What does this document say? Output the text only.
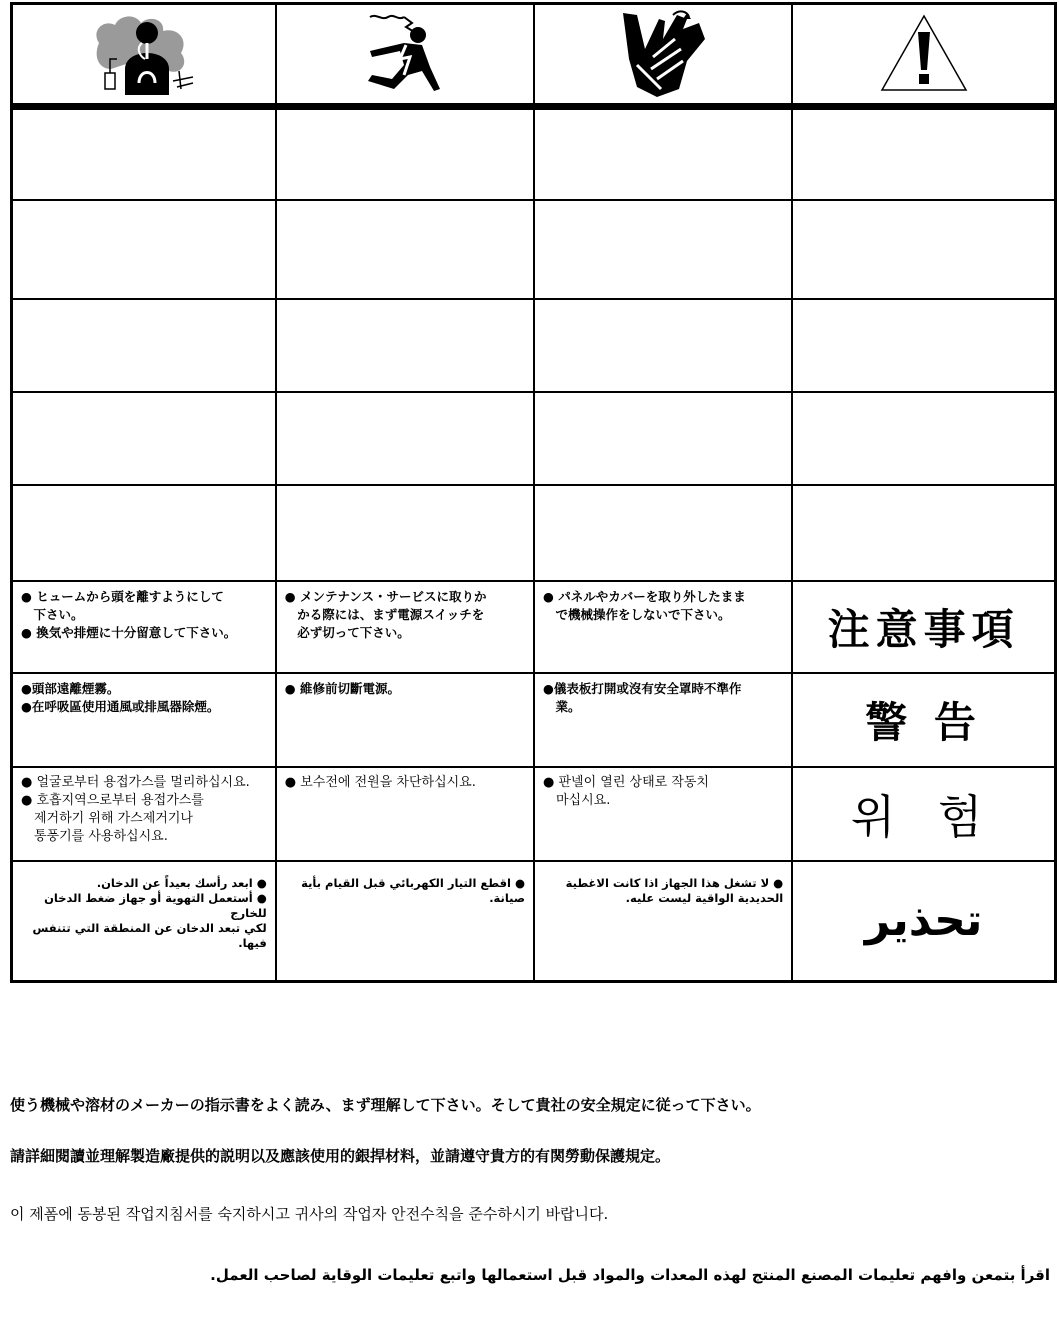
● ヒュームから頭を離すようにして
　下さい。
● 換気や排煙に十分留意して下さい。	● メンテナンス・サービスに取りか
　かる際には、まず電源スイッチを
　必ず切って下さい。	● パネルやカバーを取り外したまま
　で機械操作をしないで下さい。	注意事項

●頭部遠離煙霧。
●在呼吸區使用通風或排風器除煙。	● 維修前切斷電源。	●儀表板打開或沒有安全罩時不準作
　業。	警 告

● 얼굴로부터 용접가스를 멀리하십시요.
● 호흡지역으로부터 용접가스를
　제거하기 위해 가스제거기나
　통풍기를 사용하십시요.	● 보수전에 전원을 차단하십시요.	● 판넬이 열린 상태로 작동치
　마십시요.	위 험

● ابعد رأسك بعيداً عن الدخان.
● أستعمل التهوية أو جهاز ضغط الدخان للخارج
لكي تبعد الدخان عن المنطقة التي تتنفس فيها.	● اقطع التيار الكهربائي قبل القيام بأية صيانة.	● لا تشغل هذا الجهاز اذا كانت الاغطية
الحديدية الواقية ليست عليه.	تحذير
使う機械や溶材のメーカーの指示書をよく読み、まず理解して下さい。そして貴社の安全規定に従って下さい。
請詳細閱讀並理解製造廠提供的説明以及應該使用的銀捍材料，並請遵守貴方的有関勞動保護規定。
이 제폼에 동봉된 작업지침서를 숙지하시고 귀사의 작업자 안전수칙을 준수하시기 바랍니다.
اقرأ بتمعن وافهم تعليمات المصنع المنتج لهذه المعدات والمواد قبل استعمالها واتبع تعليمات الوقاية لصاحب العمل.
